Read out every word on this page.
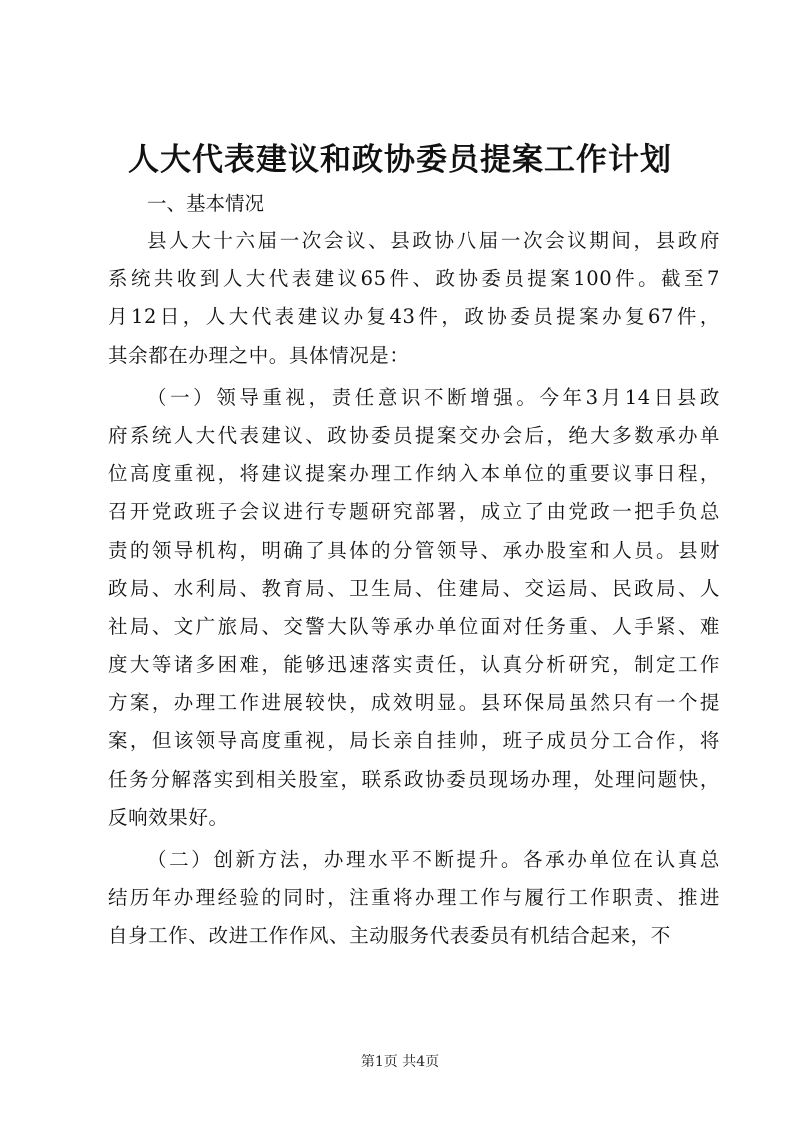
人大代表建议和政协委员提案工作计划

一、基本情况

县人大十六届一次会议、县政协八届一次会议期间，县政府
系统共收到人大代表建议65件、政协委员提案100件。截至7
月12日，人大代表建议办复43件，政协委员提案办复67件，
其余都在办理之中。具体情况是：

（一）领导重视，责任意识不断增强。今年3月14日县政
府系统人大代表建议、政协委员提案交办会后，绝大多数承办单
位高度重视，将建议提案办理工作纳入本单位的重要议事日程，
召开党政班子会议进行专题研究部署，成立了由党政一把手负总
责的领导机构，明确了具体的分管领导、承办股室和人员。县财
政局、水利局、教育局、卫生局、住建局、交运局、民政局、人
社局、文广旅局、交警大队等承办单位面对任务重、人手紧、难
度大等诸多困难，能够迅速落实责任，认真分析研究，制定工作
方案，办理工作进展较快，成效明显。县环保局虽然只有一个提
案，但该领导高度重视，局长亲自挂帅，班子成员分工合作，将
任务分解落实到相关股室，联系政协委员现场办理，处理问题快，
反响效果好。

（二）创新方法，办理水平不断提升。各承办单位在认真总
结历年办理经验的同时，注重将办理工作与履行工作职责、推进
自身工作、改进工作作风、主动服务代表委员有机结合起来，不

第1页 共4页
